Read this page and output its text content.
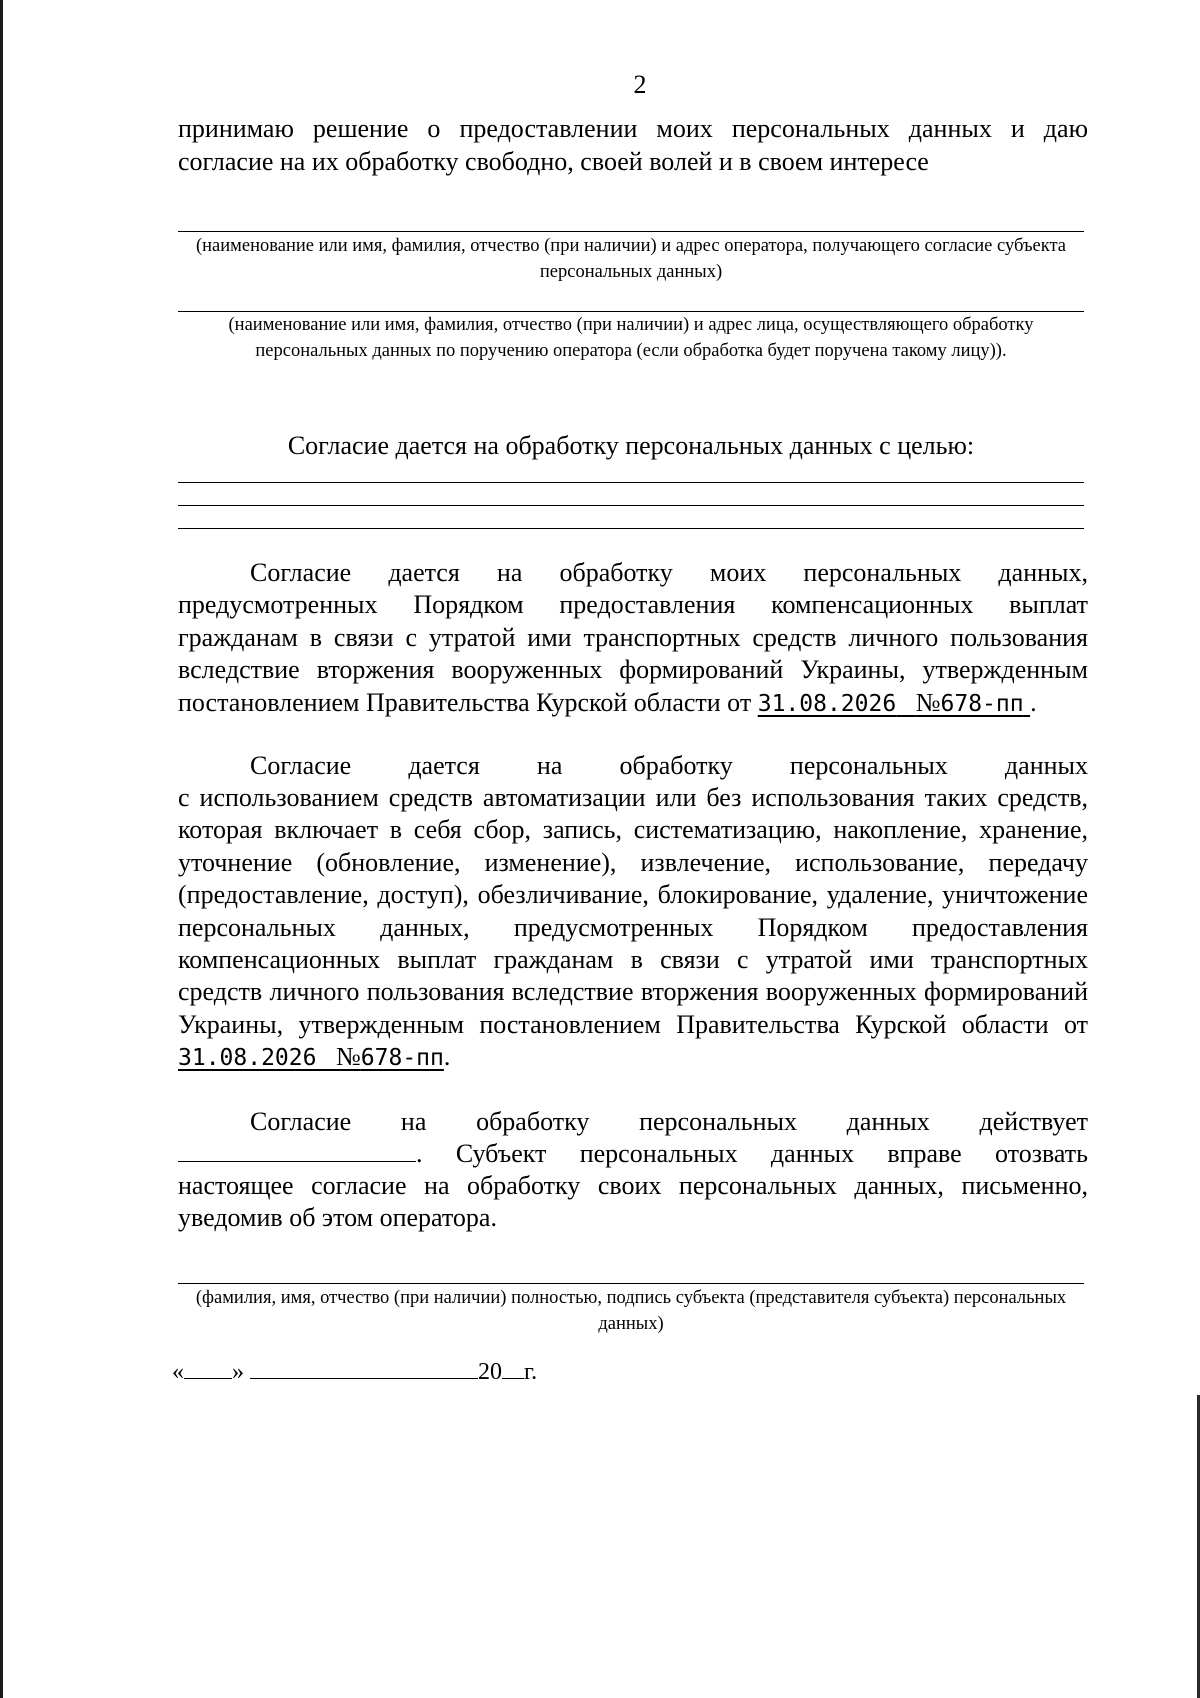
2

принимаю решение о предоставлении моих персональных данных и даю

согласие на их обработку свободно, своей волей и в своем интересе

(наименование или имя, фамилия, отчество (при наличии) и адрес оператора, получающего согласие субъекта персональных данных)

(наименование или имя, фамилия, отчество (при наличии) и адрес лица, осуществляющего обработку персональных данных по поручению оператора (если обработка будет поручена такому лицу)).

Согласие дается на обработку персональных данных с целью:

Согласие дается на обработку моих персональных данных, предусмотренных Порядком предоставления компенсационных выплат гражданам в связи с утратой ими транспортных средств личного пользования вследствие вторжения вооруженных формирований Украины, утвержденным постановлением Правительства Курской области от 31.08.2026 №678-пп .

Согласие дается на обработку персональных данных

с использованием средств автоматизации или без использования таких средств, которая включает в себя сбор, запись, систематизацию, накопление, хранение, уточнение (обновление, изменение), извлечение, использование, передачу (предоставление, доступ), обезличивание, блокирование, удаление, уничтожение персональных данных, предусмотренных Порядком предоставления компенсационных выплат гражданам в связи с утратой ими транспортных средств личного пользования вследствие вторжения вооруженных формирований Украины, утвержденным постановлением Правительства Курской области от 31.08.2026 №678-пп.

Согласие на обработку персональных данных действует

. Субъект персональных данных вправе отозвать

настоящее согласие на обработку своих персональных данных, письменно, уведомив об этом оператора.

(фамилия, имя, отчество (при наличии) полностью, подпись субъекта (представителя субъекта) персональных данных)

« »	20 г.
